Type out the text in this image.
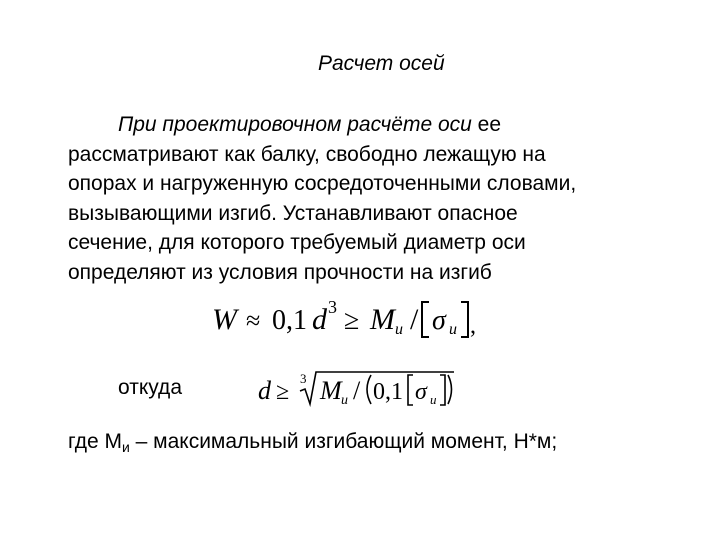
Расчет осей
При проектировочном расчёте оси ее
рассматривают как балку, свободно лежащую на
опорах и нагруженную сосредоточенными словами,
вызывающими изгиб. Устанавливают опасное
сечение, для которого требуемый диаметр оси
определяют из условия прочности на изгиб
W ≈ 0,1 d 3 ≥ M и / σ и ,
откуда	d ≥
3 M и / 0,1 σ и
где $М_и$ – максимальный изгибающий момент, Н*м;
